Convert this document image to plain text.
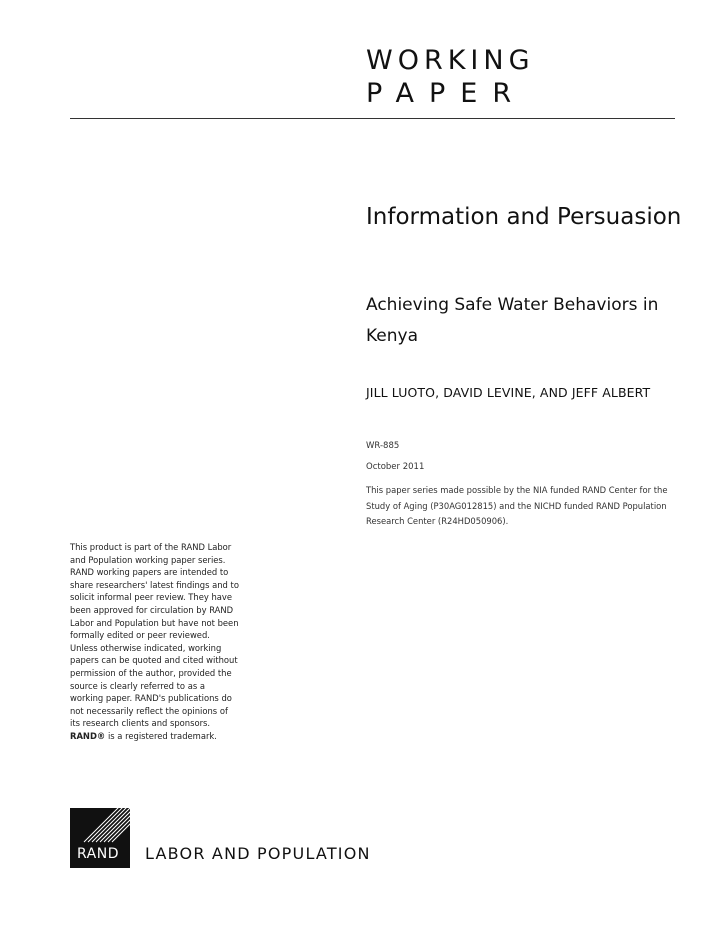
WORKING
PAPER
Information and Persuasion
Achieving Safe Water Behaviors in Kenya
JILL LUOTO, DAVID LEVINE, AND JEFF ALBERT
WR-885
October 2011
This paper series made possible by the NIA funded RAND Center for the Study of Aging (P30AG012815) and the NICHD funded RAND Population Research Center (R24HD050906).
This product is part of the RAND Labor and Population working paper series. RAND working papers are intended to share researchers' latest findings and to solicit informal peer review. They have been approved for circulation by RAND Labor and Population but have not been formally edited or peer reviewed. Unless otherwise indicated, working papers can be quoted and cited without permission of the author, provided the source is clearly referred to as a working paper. RAND's publications do not necessarily reflect the opinions of its research clients and sponsors.
RAND® is a registered trademark.
RAND LABOR AND POPULATION
